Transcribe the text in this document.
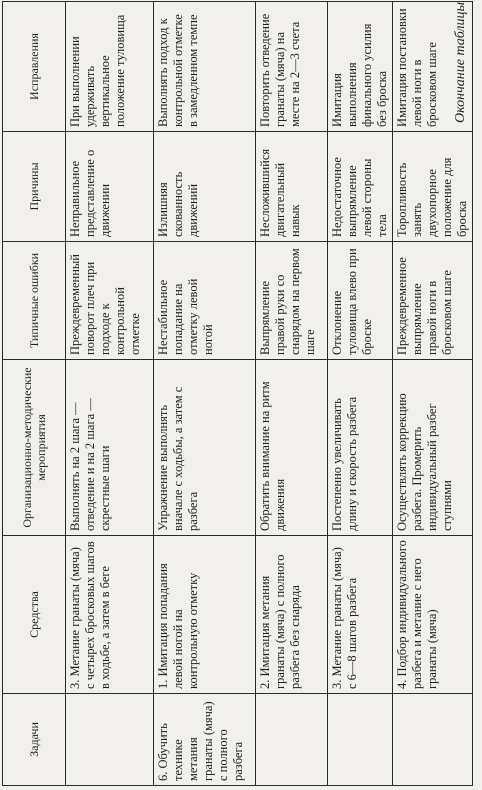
Окончание таблицы
Задачи	Средства	Организационно-методические мероприятия	Типичные ошибки	Причины	Исправления
	3. Метание гранаты (мяча) с четырех бросковых шагов в ходьбе, а затем в беге	Выполнять на 2 шага — отведение и на 2 шага — скрестные шаги	Преждевременный поворот плеч при подходе к контрольной отметке	Неправильное представление о движении	При выполнении удерживать вертикальное положение туловища
6. Обучить технике метания гранаты (мяча) с полного разбега	1. Имитация попадания левой ногой на контрольную отметку	Упражнение выполнять вначале с ходьбы, а затем с разбега	Нестабильное попадание на отметку левой ногой	Излишняя скованность движений	Выполнять подход к контрольной отметке в замедленном темпе
	2. Имитация метания гранаты (мяча) с полного разбега без снаряда	Обратить внимание на ритм движения	Выпрямление правой руки со снарядом на первом шаге	Несложившийся двигательный навык	Повторить отведение гранаты (мяча) на месте на 2—3 счета
	3. Метание гранаты (мяча) с 6—8 шагов разбега	Постепенно увеличивать длину и скорость разбега	Отклонение туловища влево при броске	Недостаточное выпрямление левой стороны тела	Имитация выполнения финального усилия без броска
	4. Подбор индивидуального разбега и метание с него гранаты (мяча)	Осуществлять коррекцию разбега. Промерить индивидуальный разбег ступнями	Преждевременное выпрямление правой ноги в бросковом шаге	Торопливость занять двухопорное положение для броска	Имитация постановки левой ноги в бросковом шаге
